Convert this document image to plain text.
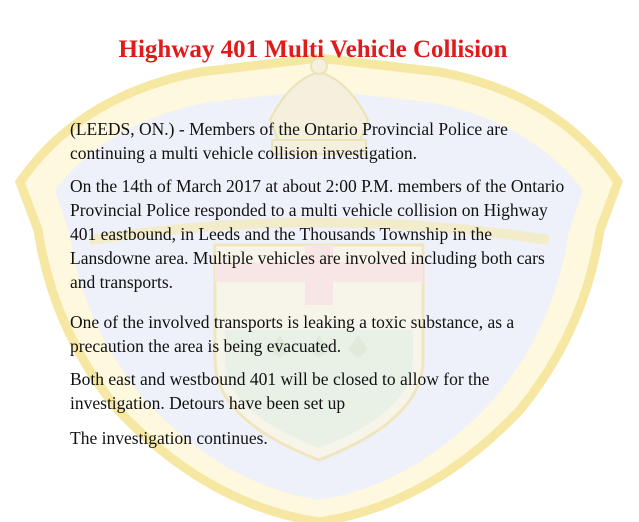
Highway 401 Multi Vehicle Collision

(LEEDS, ON.) - Members of the Ontario Provincial Police are continuing a multi vehicle collision investigation.

On the 14th of March 2017 at about 2:00 P.M. members of the Ontario Provincial Police responded to a multi vehicle collision on Highway 401 eastbound, in Leeds and the Thousands Township in the Lansdowne area. Multiple vehicles are involved including both cars and transports.

One of the involved transports is leaking a toxic substance, as a precaution the area is being evacuated.

Both east and westbound 401 will be closed to allow for the investigation. Detours have been set up

The investigation continues.
